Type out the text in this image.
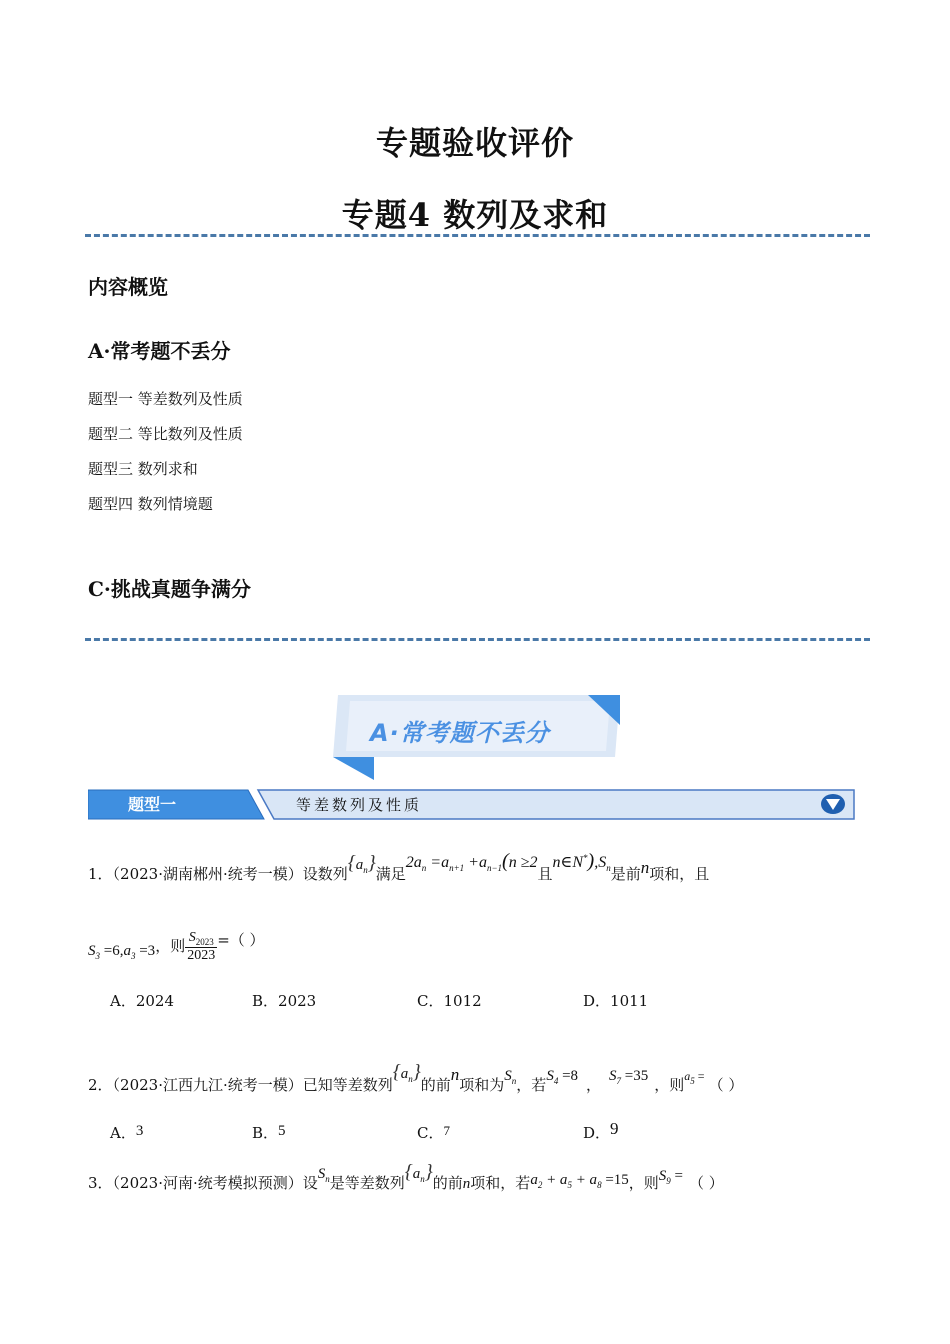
专题验收评价
专题4 数列及求和
内容概览
A·常考题不丢分
题型一 等差数列及性质
题型二 等比数列及性质
题型三 数列求和
题型四 数列情境题
C·挑战真题争满分
A·常考题不丢分
题型一	等差数列及性质
1．（2023·湖南郴州·统考一模）设数列$\{a_n\}$满足$2a_n =a_{n+1} +a_{n-1}(n \ge 2$且$n\in N^*),S_n$是前n项和，且
$S_3 =6,a_3 =3$，则 $\frac{S_{2023}}{2023}$ =（ ）
A．2024	B．2023	C．1012	D．1011
2．（2023·江西九江·统考一模）已知等差数列$\{a_n\}$的前n项和为$S_n$，若$S_4 =8$ ， $S_7 =35$ ，则$^{a_5 =}$ （ ）
A．3	B．5	C．7	D．9
3．（2023·河南·统考模拟预测）设$S_n$是等差数列$\{a_n\}$的前n项和，若$a_2 + a_5 + a_8 =15$，则$S_9$ = （ ）
